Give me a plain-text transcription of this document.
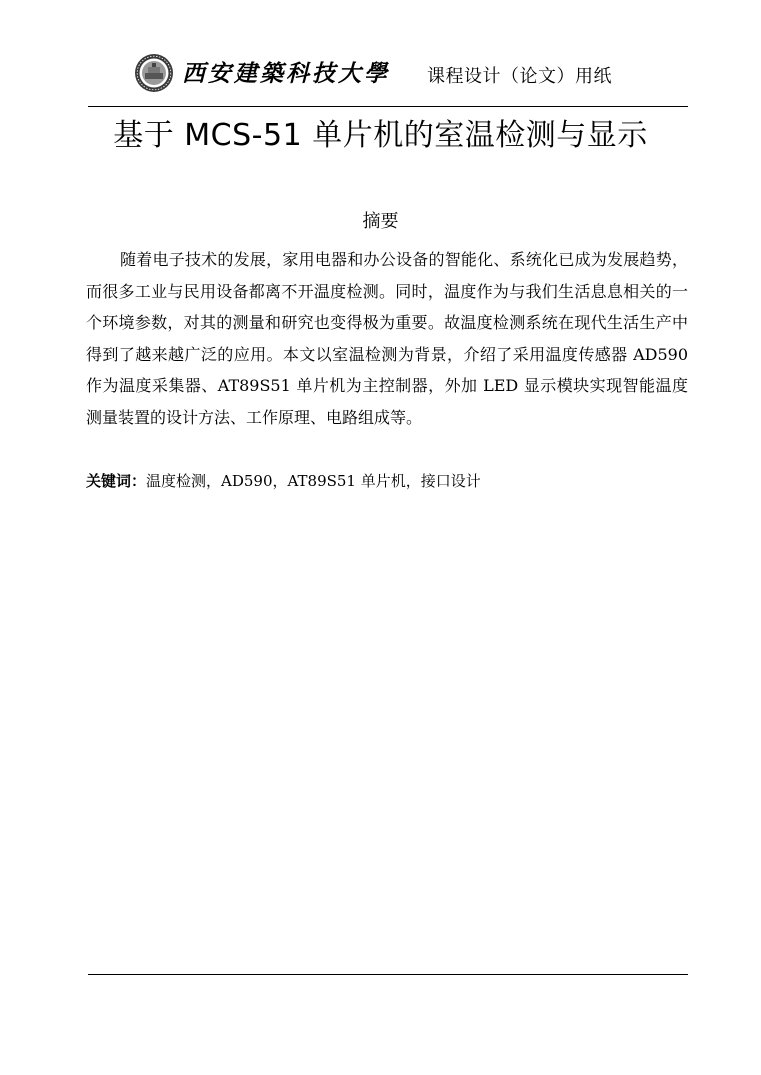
西安建築科技大學 课程设计（论文）用纸
基于 MCS-51 单片机的室温检测与显示
摘要

随着电子技术的发展，家用电器和办公设备的智能化、系统化已成为发展趋势，而很多工业与民用设备都离不开温度检测。同时，温度作为与我们生活息息相关的一个环境参数，对其的测量和研究也变得极为重要。故温度检测系统在现代生活生产中得到了越来越广泛的应用。本文以室温检测为背景，介绍了采用温度传感器 AD590 作为温度采集器、AT89S51 单片机为主控制器，外加 LED 显示模块实现智能温度测量装置的设计方法、工作原理、电路组成等。

关键词：温度检测，AD590，AT89S51 单片机，接口设计
